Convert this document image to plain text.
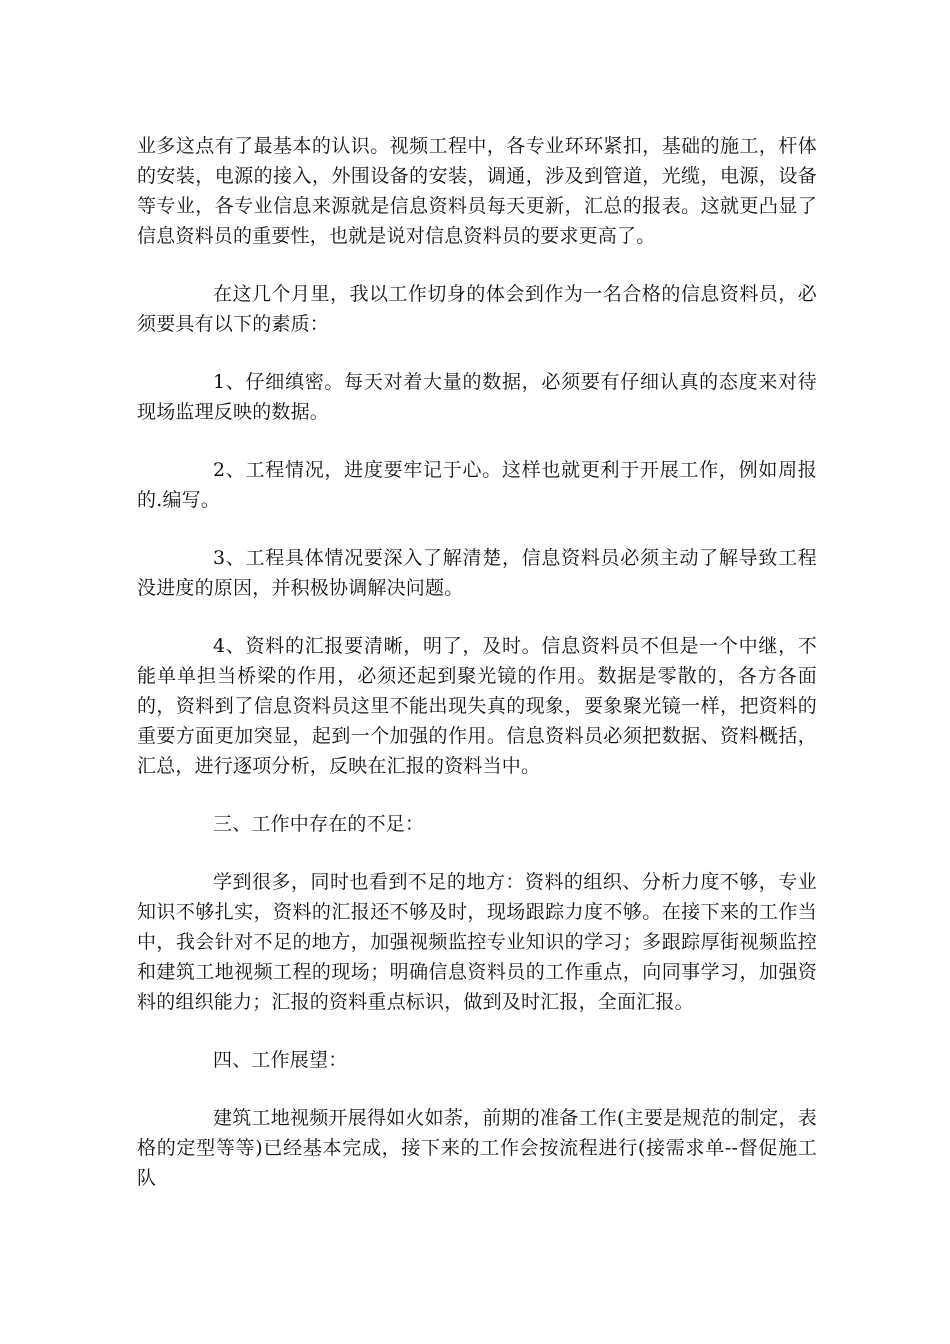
业多这点有了最基本的认识。视频工程中，各专业环环紧扣，基础的施工，杆体的安装，电源的接入，外围设备的安装，调通，涉及到管道，光缆，电源，设备等专业，各专业信息来源就是信息资料员每天更新，汇总的报表。这就更凸显了信息资料员的重要性，也就是说对信息资料员的要求更高了。

在这几个月里，我以工作切身的体会到作为一名合格的信息资料员，必须要具有以下的素质：

1、仔细缜密。每天对着大量的数据，必须要有仔细认真的态度来对待现场监理反映的数据。

2、工程情况，进度要牢记于心。这样也就更利于开展工作，例如周报的.编写。

3、工程具体情况要深入了解清楚，信息资料员必须主动了解导致工程没进度的原因，并积极协调解决问题。

4、资料的汇报要清晰，明了，及时。信息资料员不但是一个中继，不能单单担当桥梁的作用，必须还起到聚光镜的作用。数据是零散的，各方各面的，资料到了信息资料员这里不能出现失真的现象，要象聚光镜一样，把资料的重要方面更加突显，起到一个加强的作用。信息资料员必须把数据、资料概括，汇总，进行逐项分析，反映在汇报的资料当中。

三、工作中存在的不足：

学到很多，同时也看到不足的地方：资料的组织、分析力度不够，专业知识不够扎实，资料的汇报还不够及时，现场跟踪力度不够。在接下来的工作当中，我会针对不足的地方，加强视频监控专业知识的学习；多跟踪厚街视频监控和建筑工地视频工程的现场；明确信息资料员的工作重点，向同事学习，加强资料的组织能力；汇报的资料重点标识，做到及时汇报，全面汇报。

四、工作展望：

建筑工地视频开展得如火如荼，前期的准备工作(主要是规范的制定，表格的定型等等)已经基本完成，接下来的工作会按流程进行(接需求单--督促施工队
